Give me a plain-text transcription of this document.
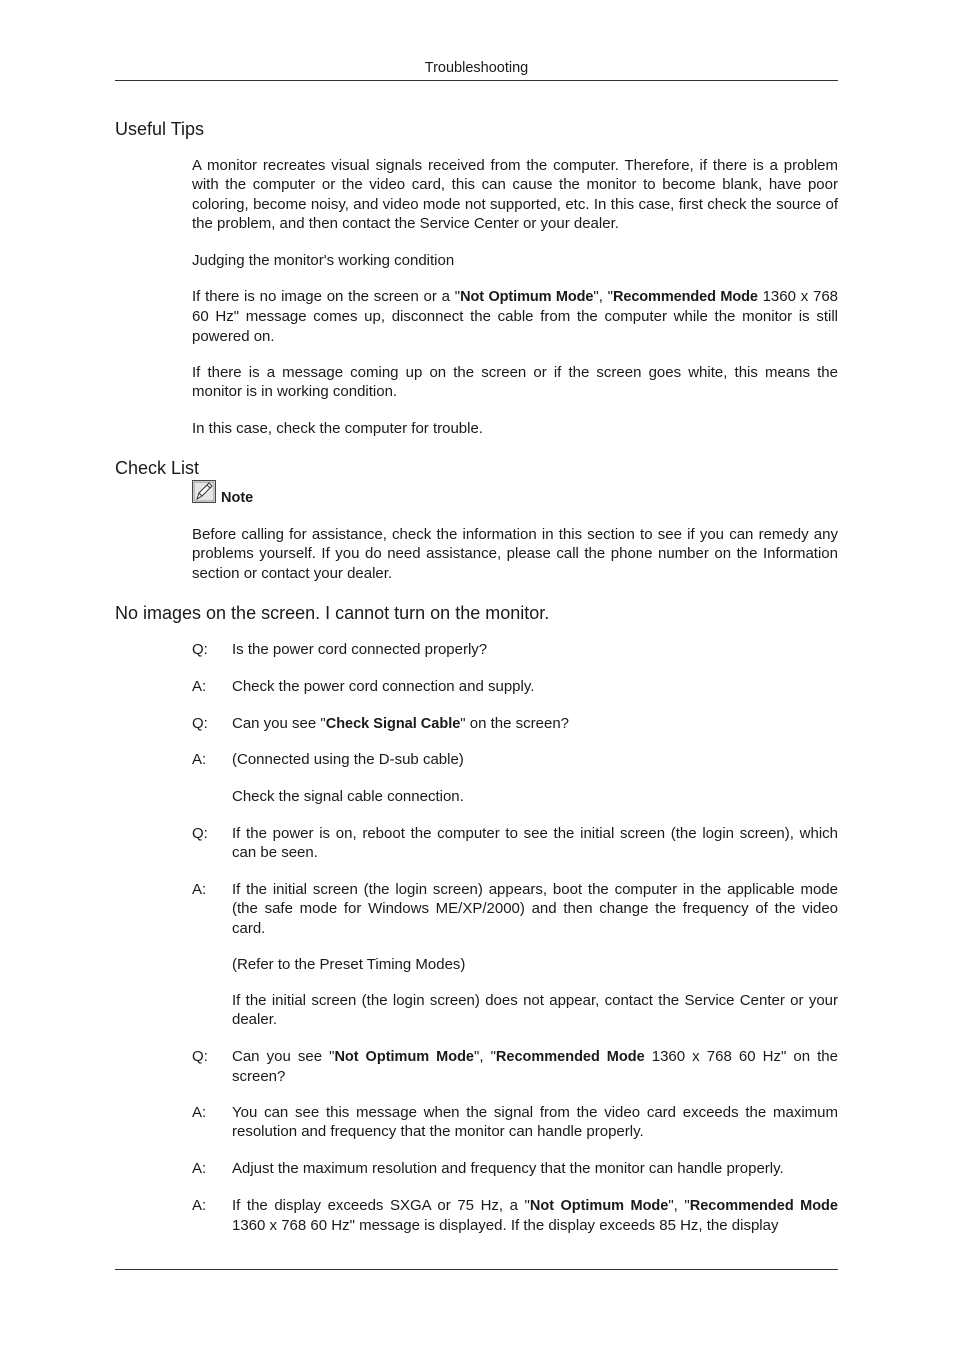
Troubleshooting
Useful Tips

A monitor recreates visual signals received from the computer. Therefore, if there is a problem with the computer or the video card, this can cause the monitor to become blank, have poor coloring, become noisy, and video mode not supported, etc. In this case, first check the source of the problem, and then contact the Service Center or your dealer.

Judging the monitor's working condition

If there is no image on the screen or a "Not Optimum Mode", "Recommended Mode 1360 x 768 60 Hz" message comes up, disconnect the cable from the computer while the monitor is still powered on.

If there is a message coming up on the screen or if the screen goes white, this means the monitor is in working condition.

In this case, check the computer for trouble.

Check List
Note

Before calling for assistance, check the information in this section to see if you can remedy any problems yourself. If you do need assistance, please call the phone number on the Information section or contact your dealer.

No images on the screen. I cannot turn on the monitor.
Q:	Is the power cord connected properly?
A:	Check the power cord connection and supply.
Q:	Can you see "Check Signal Cable" on the screen?
A:	(Connected using the D-sub cable)
Check the signal cable connection.
Q:	If the power is on, reboot the computer to see the initial screen (the login screen), which can be seen.
A:	If the initial screen (the login screen) appears, boot the computer in the applicable mode (the safe mode for Windows ME/XP/2000) and then change the frequency of the video card.
(Refer to the Preset Timing Modes)
If the initial screen (the login screen) does not appear, contact the Service Center or your dealer.
Q:	Can you see "Not Optimum Mode", "Recommended Mode 1360 x 768 60 Hz" on the screen?
A:	You can see this message when the signal from the video card exceeds the maximum resolution and frequency that the monitor can handle properly.
A:	Adjust the maximum resolution and frequency that the monitor can handle properly.
A:	If the display exceeds SXGA or 75 Hz, a "Not Optimum Mode", "Recommended Mode 1360 x 768 60 Hz" message is displayed. If the display exceeds 85 Hz, the display
